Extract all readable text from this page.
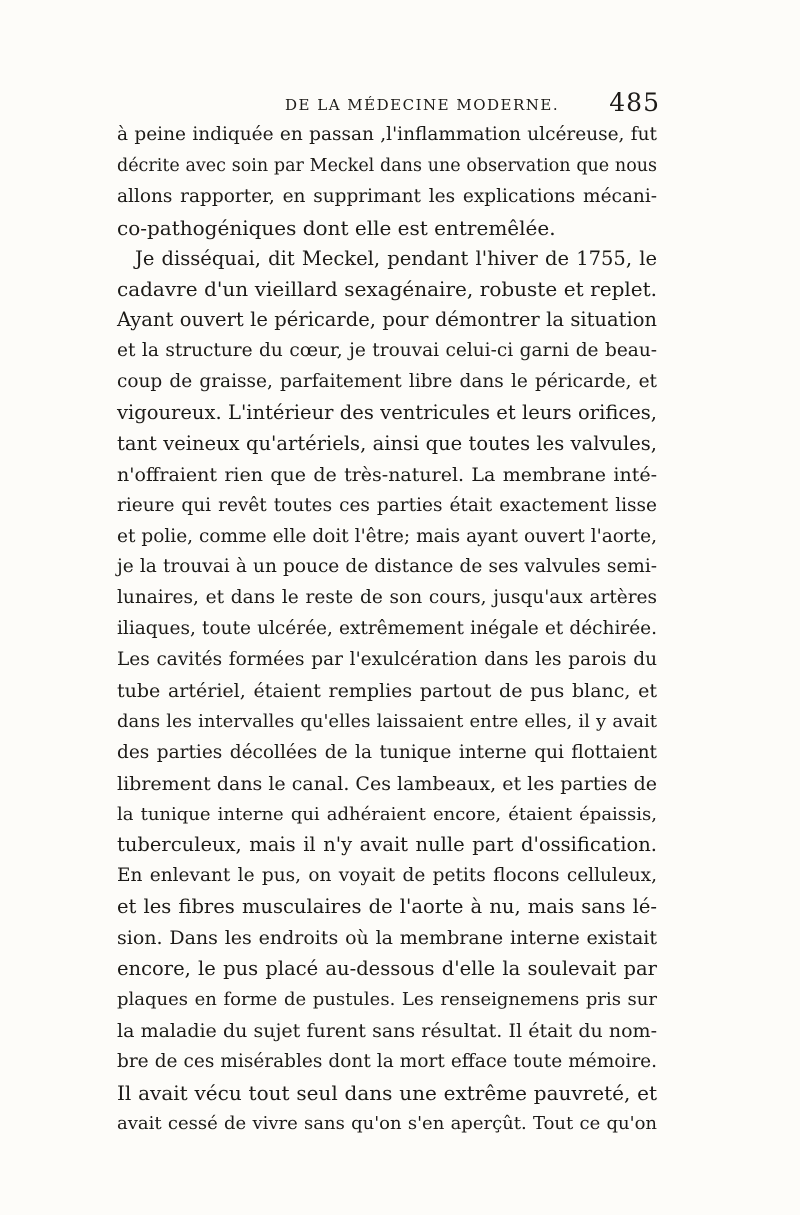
DE LA MÉDECINE MODERNE. 485
à peine indiquée en passan ,l'inflammation ulcéreuse, fut
décrite avec soin par Meckel dans une observation que nous
allons rapporter, en supprimant les explications mécani-
co-pathogéniques dont elle est entremêlée.
Je disséquai, dit Meckel, pendant l'hiver de 1755, le
cadavre d'un vieillard sexagénaire, robuste et replet.
Ayant ouvert le péricarde, pour démontrer la situation
et la structure du cœur, je trouvai celui-ci garni de beau-
coup de graisse, parfaitement libre dans le péricarde, et
vigoureux. L'intérieur des ventricules et leurs orifices,
tant veineux qu'artériels, ainsi que toutes les valvules,
n'offraient rien que de très-naturel. La membrane inté-
rieure qui revêt toutes ces parties était exactement lisse
et polie, comme elle doit l'être; mais ayant ouvert l'aorte,
je la trouvai à un pouce de distance de ses valvules semi-
lunaires, et dans le reste de son cours, jusqu'aux artères
iliaques, toute ulcérée, extrêmement inégale et déchirée.
Les cavités formées par l'exulcération dans les parois du
tube artériel, étaient remplies partout de pus blanc, et
dans les intervalles qu'elles laissaient entre elles, il y avait
des parties décollées de la tunique interne qui flottaient
librement dans le canal. Ces lambeaux, et les parties de
la tunique interne qui adhéraient encore, étaient épaissis,
tuberculeux, mais il n'y avait nulle part d'ossification.
En enlevant le pus, on voyait de petits flocons celluleux,
et les fibres musculaires de l'aorte à nu, mais sans lé-
sion. Dans les endroits où la membrane interne existait
encore, le pus placé au-dessous d'elle la soulevait par
plaques en forme de pustules. Les renseignemens pris sur
la maladie du sujet furent sans résultat. Il était du nom-
bre de ces misérables dont la mort efface toute mémoire.
Il avait vécu tout seul dans une extrême pauvreté, et
avait cessé de vivre sans qu'on s'en aperçût. Tout ce qu'on
